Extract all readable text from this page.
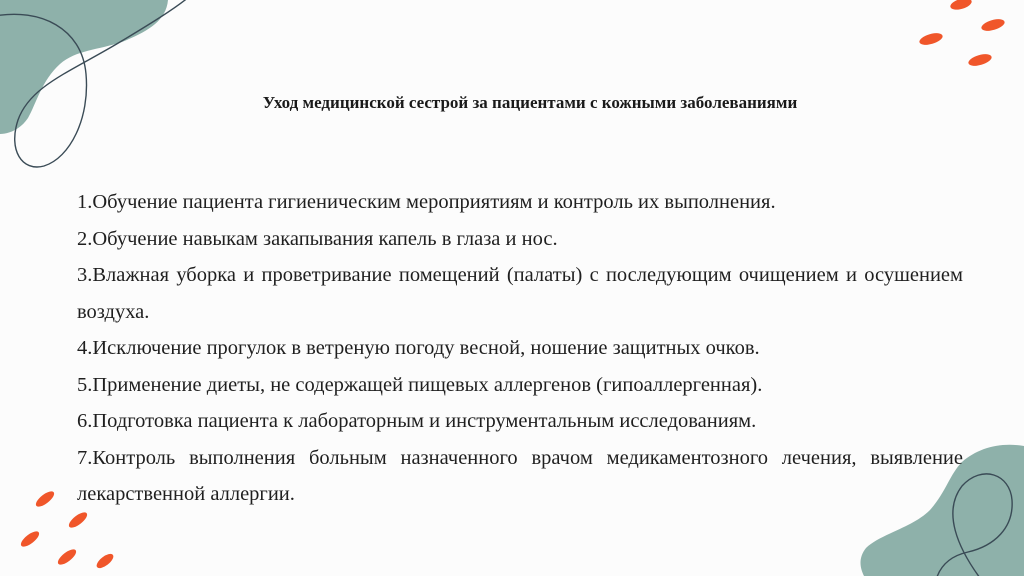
Уход медицинской сестрой за пациентами с кожными заболеваниями
1.Обучение пациента гигиеническим мероприятиям и контроль их выполнения.
2.Обучение навыкам закапывания капель в глаза и нос.
3.Влажная уборка и проветривание помещений (палаты) с последующим очищением и осушением воздуха.
4.Исключение прогулок в ветреную погоду весной, ношение защитных очков.
5.Применение диеты, не содержащей пищевых аллергенов (гипоаллергенная).
6.Подготовка пациента к лабораторным и инструментальным исследованиям.
7.Контроль выполнения больным назначенного врачом медикаментозного лечения, выявление лекарственной аллергии.
